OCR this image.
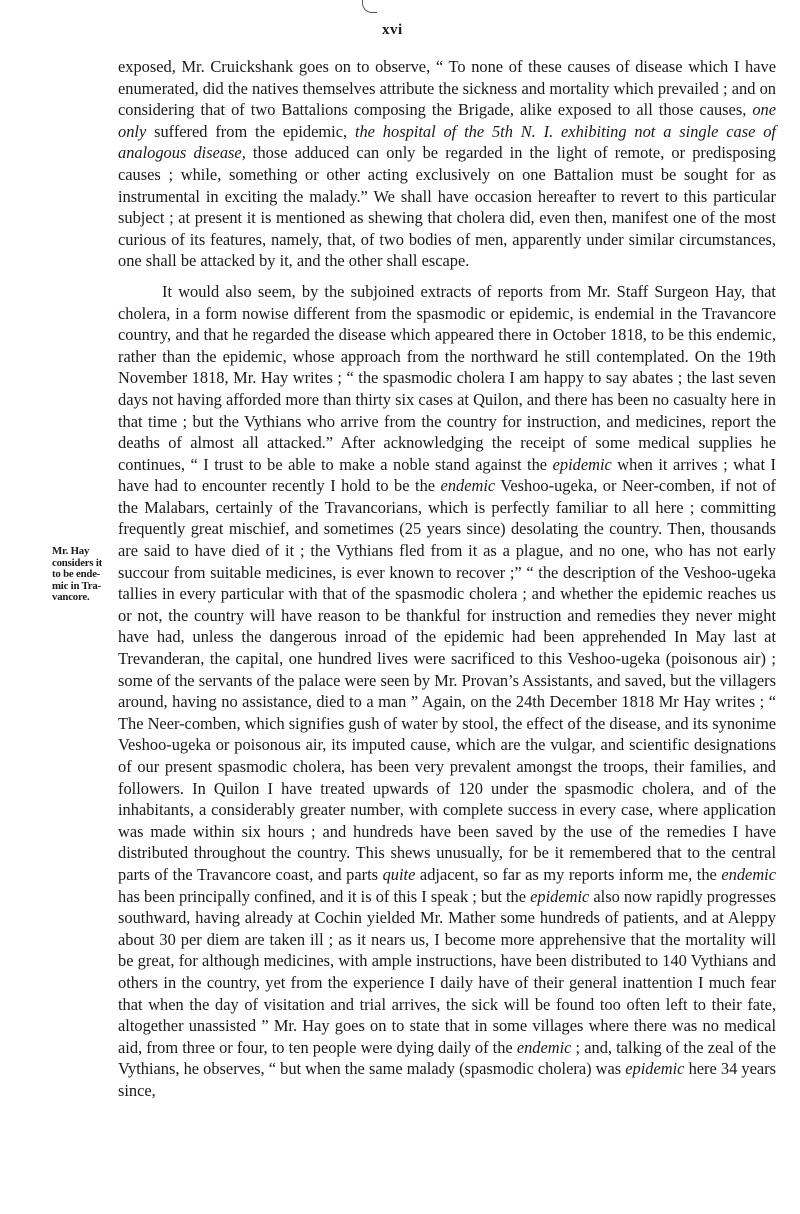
xvi
Mr. Hay
considers it
to be ende-
mic in Tra-
vancore.

exposed, Mr. Cruickshank goes on to observe, “ To none of these causes of disease which I have enumerated, did the natives themselves attribute the sickness and mortality which prevailed ; and on considering that of two Battalions composing the Brigade, alike exposed to all those causes, one only suffered from the epidemic, the hospital of the 5th N. I. exhibiting not a single case of analogous disease, those adduced can only be regarded in the light of remote, or predisposing causes ; while, something or other acting exclusively on one Battalion must be sought for as instrumental in exciting the malady.” We shall have occasion hereafter to revert to this particular subject ; at present it is mentioned as shewing that cholera did, even then, manifest one of the most curious of its features, namely, that, of two bodies of men, apparently under similar circumstances, one shall be attacked by it, and the other shall escape.

It would also seem, by the subjoined extracts of reports from Mr. Staff Surgeon Hay, that cholera, in a form nowise different from the spasmodic or epidemic, is endemial in the Travancore country, and that he regarded the disease which appeared there in October 1818, to be this endemic, rather than the epidemic, whose approach from the northward he still contemplated. On the 19th November 1818, Mr. Hay writes ; “ the spasmodic cholera I am happy to say abates ; the last seven days not having afforded more than thirty six cases at Quilon, and there has been no casualty here in that time ; but the Vythians who arrive from the country for instruction, and medicines, report the deaths of almost all attacked.” After acknowledging the receipt of some medical supplies he continues, “ I trust to be able to make a noble stand against the epidemic when it arrives ; what I have had to encounter recently I hold to be the endemic Veshoo-ugeka, or Neer-comben, if not of the Malabars, certainly of the Travancorians, which is perfectly familiar to all here ; committing frequently great mischief, and sometimes (25 years since) desolating the country. Then, thousands are said to have died of it ; the Vythians fled from it as a plague, and no one, who has not early succour from suitable medicines, is ever known to recover ;” “ the description of the Veshoo-ugeka tallies in every particular with that of the spasmodic cholera ; and whether the epidemic reaches us or not, the country will have reason to be thankful for instruction and remedies they never might have had, unless the dangerous inroad of the epidemic had been apprehended In May last at Trevanderan, the capital, one hundred lives were sacrificed to this Veshoo-ugeka (poisonous air) ; some of the servants of the palace were seen by Mr. Provan’s Assistants, and saved, but the villagers around, having no assistance, died to a man ” Again, on the 24th December 1818 Mr Hay writes ; “ The Neer-comben, which signifies gush of water by stool, the effect of the disease, and its synonime Veshoo-ugeka or poisonous air, its imputed cause, which are the vulgar, and scientific designations of our present spasmodic cholera, has been very prevalent amongst the troops, their families, and followers. In Quilon I have treated upwards of 120 under the spasmodic cholera, and of the inhabitants, a considerably greater number, with complete success in every case, where application was made within six hours ; and hundreds have been saved by the use of the remedies I have distributed throughout the country. This shews unusually, for be it remembered that to the central parts of the Travancore coast, and parts quite adjacent, so far as my reports inform me, the endemic has been principally confined, and it is of this I speak ; but the epidemic also now rapidly progresses southward, having already at Cochin yielded Mr. Mather some hundreds of patients, and at Aleppy about 30 per diem are taken ill ; as it nears us, I become more apprehensive that the mortality will be great, for although medicines, with ample instructions, have been distributed to 140 Vythians and others in the country, yet from the experience I daily have of their general inattention I much fear that when the day of visitation and trial arrives, the sick will be found too often left to their fate, altogether unassisted ” Mr. Hay goes on to state that in some villages where there was no medical aid, from three or four, to ten people were dying daily of the endemic ; and, talking of the zeal of the Vythians, he observes, “ but when the same malady (spasmodic cholera) was epidemic here 34 years since,
